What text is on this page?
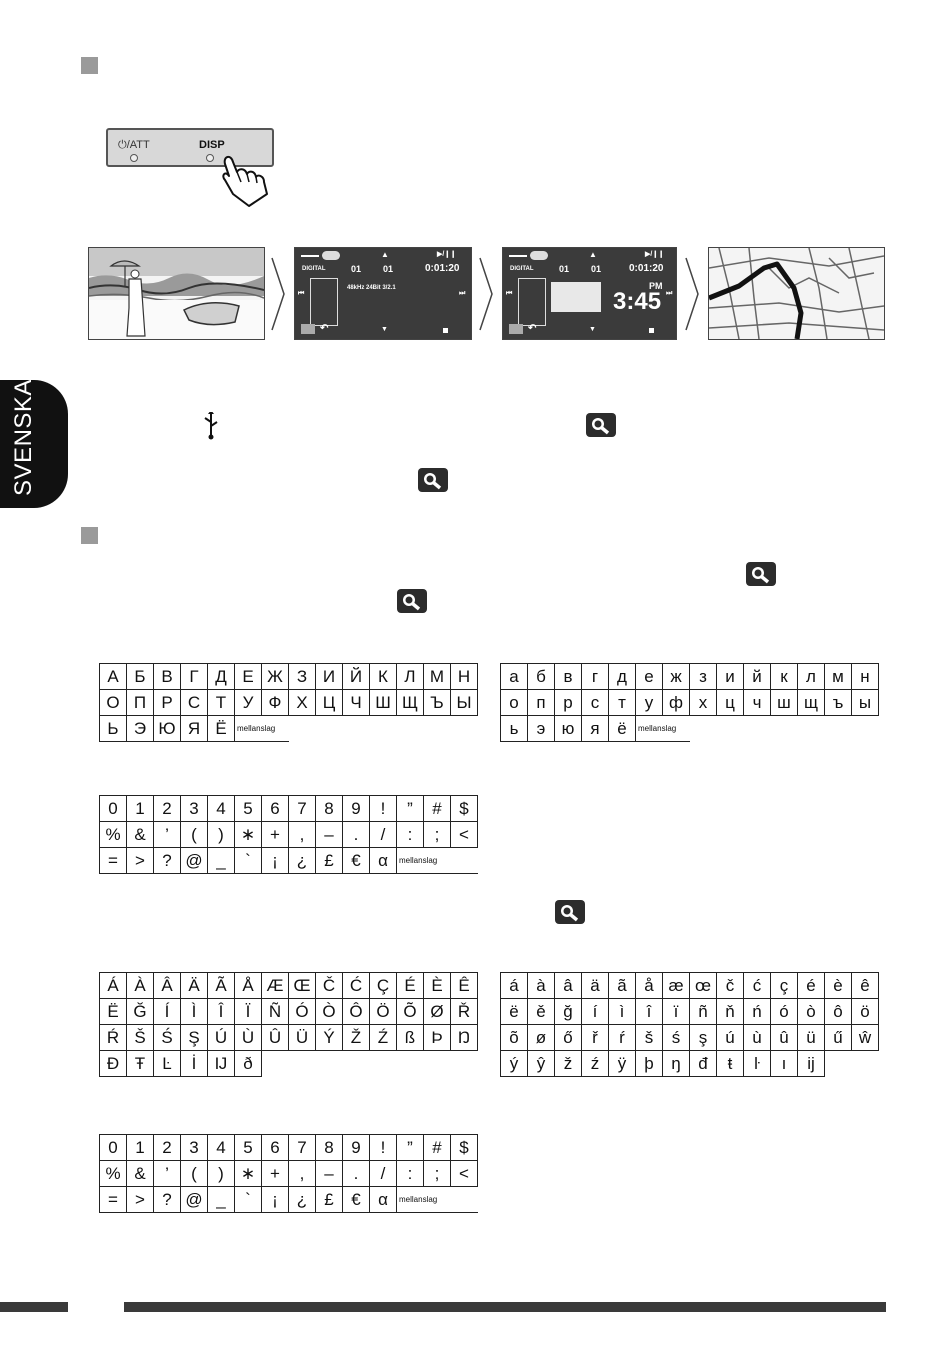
SVENSKA
⏻/ATT	DISP
▲	▶/❙❙
DIGITAL	01 01	0:01:20
48kHz 24Bit 3/2.1
⏮	⏭
↶	▼
▲	▶/❙❙
DIGITAL	01 01	0:01:20
PM
3:45
⏮	⏭
↶	▼
А	Б	В	Г	Д	Е	Ж	З	И	Й	К	Л	М	Н
О	П	Р	С	Т	У	Ф	Х	Ц	Ч	Ш	Щ	Ъ	Ы
Ь	Э	Ю	Я	Ё	mellanslag								
а	б	в	г	д	е	ж	з	и	й	к	л	м	н
о	п	р	с	т	у	ф	х	ц	ч	ш	щ	ъ	ы
ь	э	ю	я	ё	mellanslag								
0	1	2	3	4	5	6	7	8	9	!	”	#	$
%	&	’	(	)	∗	+	,	–	.	/	:	;	<
=	>	?	@	_	`	¡	¿	£	€	α	mellanslag		
Á	À	Â	Ä	Ã	Å	Æ	Œ	Č	Ć	Ç	É	È	Ê
Ë	Ğ	Í	Ì	Î	Ï	Ñ	Ó	Ò	Ô	Ö	Õ	Ø	Ř
Ŕ	Š	Ś	Ş	Ú	Ù	Û	Ü	Ý	Ž	Ź	ß	Þ	Ŋ
Đ	Ŧ	Ŀ	İ	Ĳ	ð								
á	à	â	ä	ã	å	æ	œ	č	ć	ç	é	è	ê
ë	ě	ğ	í	ì	î	ï	ñ	ň	ń	ó	ò	ô	ö
õ	ø	ő	ř	ŕ	š	ś	ş	ú	ù	û	ü	ű	ŵ
ý	ŷ	ž	ź	ÿ	þ	ŋ	đ	ŧ	ŀ	ı	ĳ		
0	1	2	3	4	5	6	7	8	9	!	”	#	$
%	&	’	(	)	∗	+	,	–	.	/	:	;	<
=	>	?	@	_	`	¡	¿	£	€	α	mellanslag		
